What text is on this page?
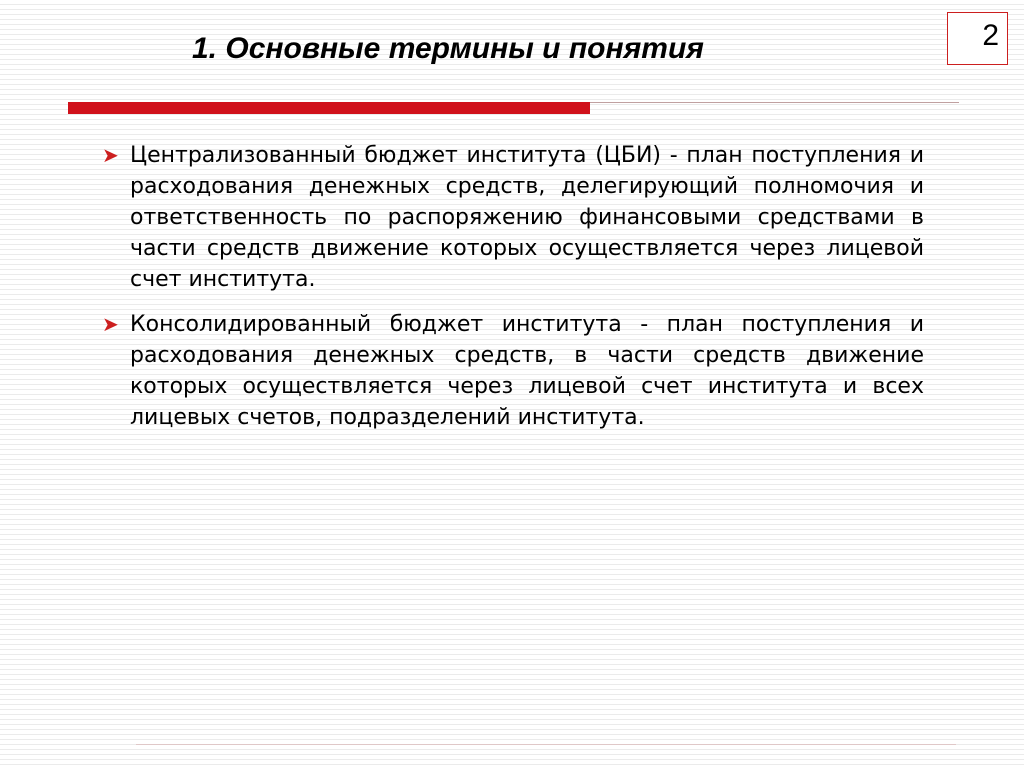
1. Основные термины и понятия	2
➤ Централизованный бюджет института (ЦБИ) - план поступления и расходования денежных средств, делегирующий полномочия и ответственность по распоряжению финансовыми средствами в части средств движение которых осуществляется через лицевой счет института.
➤ Консолидированный бюджет института - план поступления и расходования денежных средств, в части средств движение которых осуществляется через лицевой счет института и всех лицевых счетов, подразделений института.
